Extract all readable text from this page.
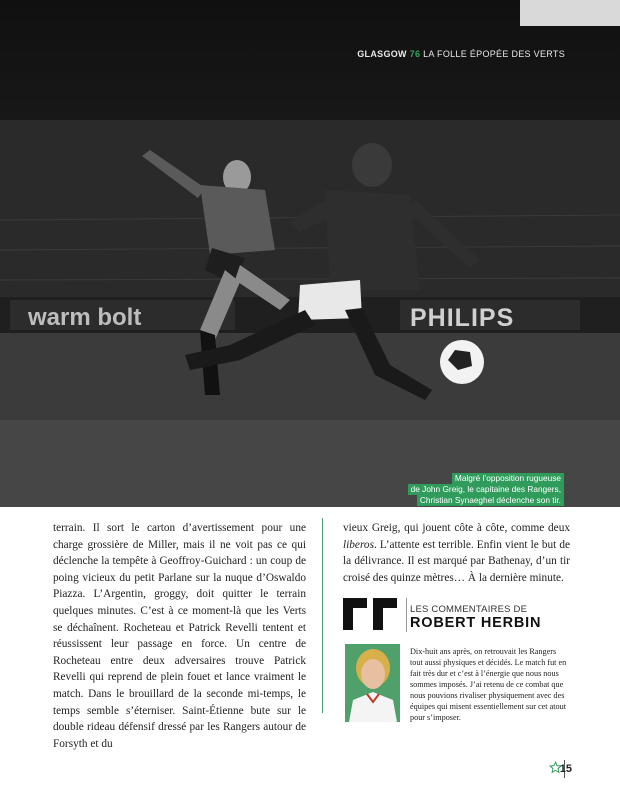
warm bolt	PHILIPS
GLASGOW 76 LA FOLLE ÉPOPÉE DES VERTS
Malgré l’opposition rugueuse
de John Greig, le capitaine des Rangers,
Christian Synaeghel déclenche son tir.
terrain. Il sort le carton d’avertissement pour une charge grossière de Miller, mais il ne voit pas ce qui déclenche la tempête à Geoffroy-Guichard : un coup de poing vicieux du petit Parlane sur la nuque d’Oswaldo Piazza. L’Argentin, groggy, doit quitter le terrain quelques minutes. C’est à ce moment-là que les Verts se déchaînent. Rocheteau et Patrick Revelli tentent et réussissent leur passage en force. Un centre de Rocheteau entre deux adversaires trouve Patrick Revelli qui reprend de plein fouet et lance vraiment le match. Dans le brouillard de la seconde mi-temps, le temps semble s’éterniser. Saint-Étienne bute sur le double rideau défensif dressé par les Rangers autour de Forsyth et du
vieux Greig, qui jouent côte à côte, comme deux liberos. L’attente est terrible. Enfin vient le but de la délivrance. Il est marqué par Bathenay, d’un tir croisé des quinze mètres… À la dernière minute.
LES COMMENTAIRES DE
ROBERT HERBIN
Dix-huit ans après, on retrouvait les Rangers tout aussi physiques et décidés. Le match fut en fait très dur et c’est à l’énergie que nous nous sommes imposés. J’ai retenu de ce combat que nous pouvions rivaliser physiquement avec des équipes qui misent essentiellement sur cet atout pour s’imposer.
15
